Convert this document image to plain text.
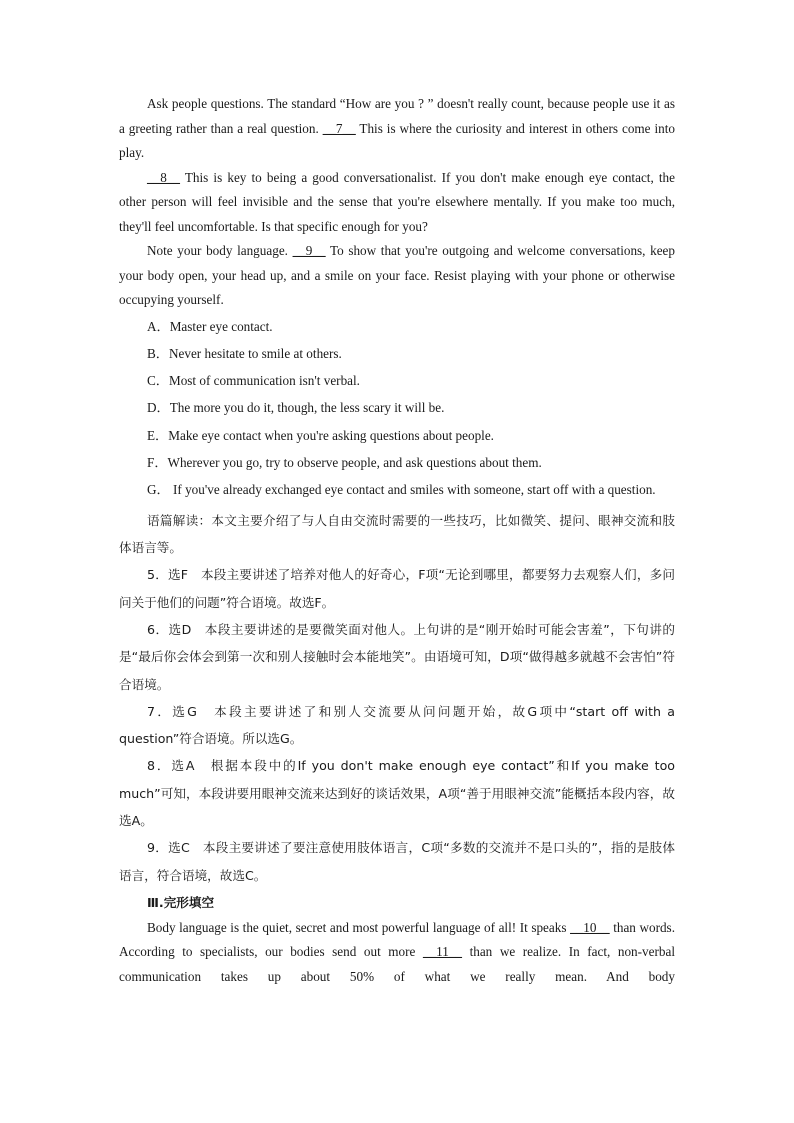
Ask people questions. The standard “How are you ? ” doesn't really count, because people use it as a greeting rather than a real question. __7__ This is where the curiosity and interest in others come into play.

__8__ This is key to being a good conversationalist. If you don't make enough eye contact, the other person will feel invisible and the sense that you're elsewhere mentally. If you make too much, they'll feel uncomfortable. Is that specific enough for you?

Note your body language. __9__ To show that you're outgoing and welcome conversations, keep your body open, your head up, and a smile on your face. Resist playing with your phone or otherwise occupying yourself.

A．Master eye contact.

B．Never hesitate to smile at others.

C．Most of communication isn't verbal.

D．The more you do it, though, the less scary it will be.

E．Make eye contact when you're asking questions about people.

F．Wherever you go, try to observe people, and ask questions about them.

G． If you've already exchanged eye contact and smiles with someone, start off with a question.

语篇解读：本文主要介绍了与人自由交流时需要的一些技巧，比如微笑、提问、眼神交流和肢体语言等。

5．选F　本段主要讲述了培养对他人的好奇心，F项“无论到哪里，都要努力去观察人们，多问问关于他们的问题”符合语境。故选F。

6．选D　本段主要讲述的是要微笑面对他人。上句讲的是“刚开始时可能会害羞”，下句讲的是“最后你会体会到第一次和别人接触时会本能地笑”。由语境可知，D项“做得越多就越不会害怕”符合语境。

7．选G　本段主要讲述了和别人交流要从问问题开始，故G项中“start off with a question”符合语境。所以选G。

8．选A　根据本段中的If you don't make enough eye contact”和If you make too much”可知，本段讲要用眼神交流来达到好的谈话效果，A项“善于用眼神交流”能概括本段内容，故选A。

9．选C　本段主要讲述了要注意使用肢体语言，C项“多数的交流并不是口头的”，指的是肢体语言，符合语境，故选C。

Ⅲ.完形填空

Body language is the quiet, secret and most powerful language of all! It speaks __10__ than words. According to specialists, our bodies send out more __11__ than we realize. In fact, non-verbal communication takes up about 50% of what we really mean. And body
